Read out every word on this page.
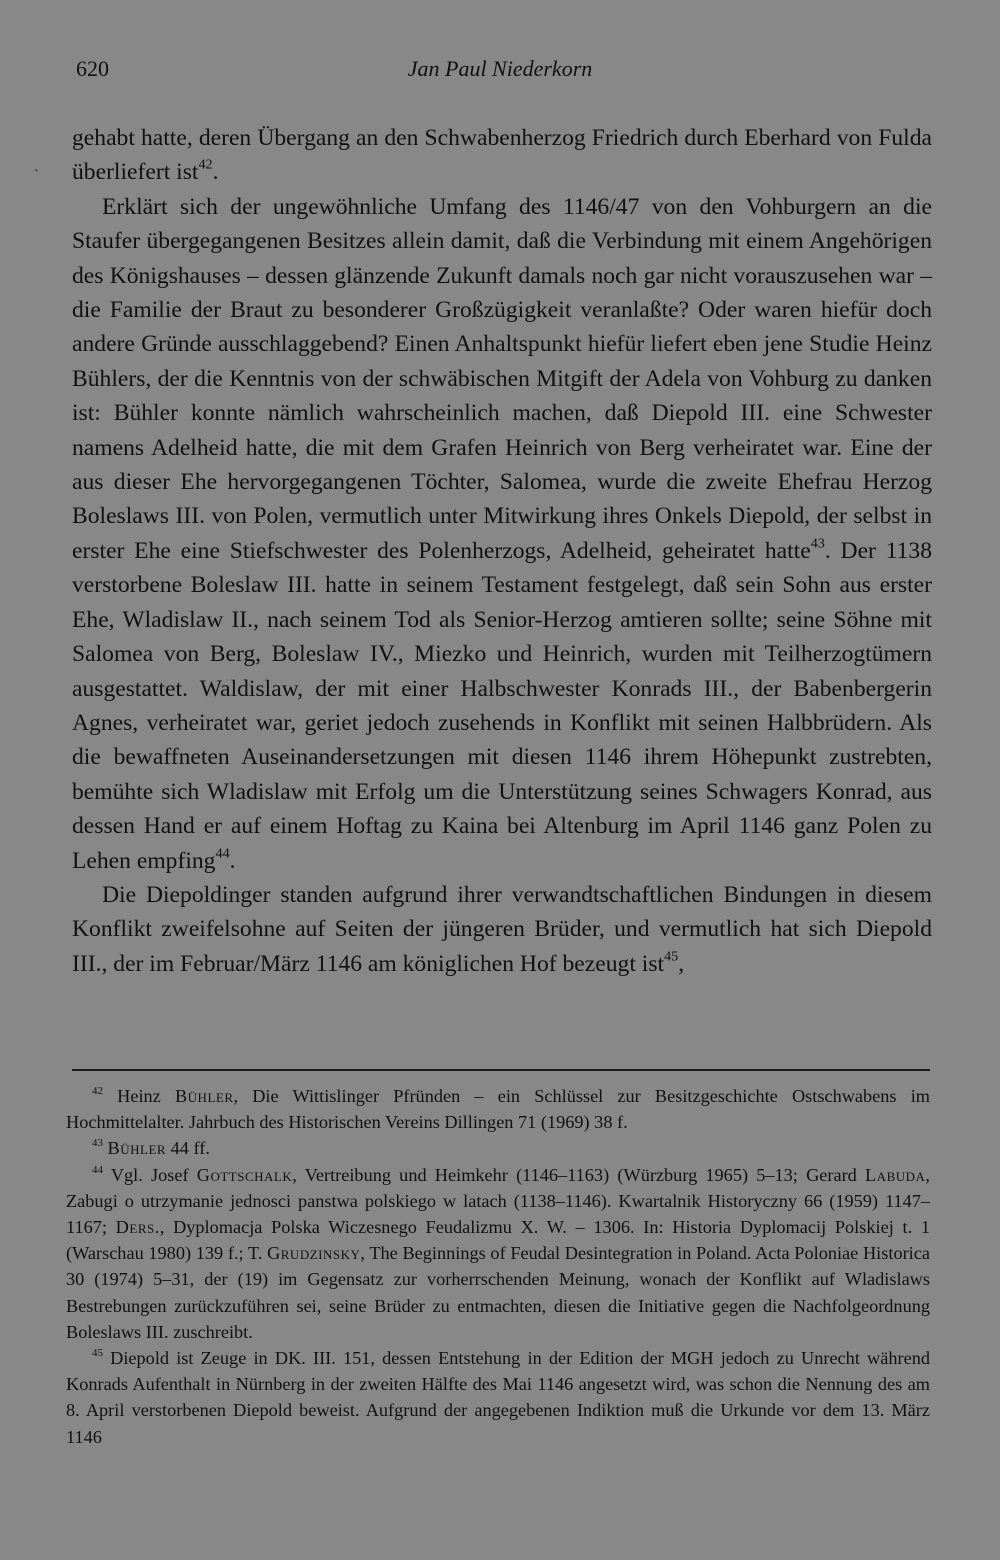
620	Jan Paul Niederkorn
`

gehabt hatte, deren Übergang an den Schwabenherzog Friedrich durch Eberhard von Fulda überliefert ist$^{42}$.

Erklärt sich der ungewöhnliche Umfang des 1146/47 von den Vohburgern an die Staufer übergegangenen Besitzes allein damit, daß die Verbindung mit einem Angehörigen des Königshauses – dessen glänzende Zukunft damals noch gar nicht vorauszusehen war – die Familie der Braut zu besonderer Großzügigkeit veranlaßte? Oder waren hiefür doch andere Gründe ausschlaggebend? Einen Anhaltspunkt hiefür liefert eben jene Studie Heinz Bühlers, der die Kenntnis von der schwäbischen Mitgift der Adela von Vohburg zu danken ist: Bühler konnte nämlich wahrscheinlich machen, daß Diepold III. eine Schwester namens Adelheid hatte, die mit dem Grafen Heinrich von Berg verheiratet war. Eine der aus dieser Ehe hervorgegangenen Töchter, Salomea, wurde die zweite Ehefrau Herzog Boleslaws III. von Polen, vermutlich unter Mitwirkung ihres Onkels Diepold, der selbst in erster Ehe eine Stiefschwester des Polenherzogs, Adelheid, geheiratet hatte$^{43}$. Der 1138 verstorbene Boleslaw III. hatte in seinem Testament festgelegt, daß sein Sohn aus erster Ehe, Wladislaw II., nach seinem Tod als Senior-Herzog amtieren sollte; seine Söhne mit Salomea von Berg, Boleslaw IV., Miezko und Heinrich, wurden mit Teilherzogtümern ausgestattet. Waldislaw, der mit einer Halbschwester Konrads III., der Babenbergerin Agnes, verheiratet war, geriet jedoch zusehends in Konflikt mit seinen Halbbrüdern. Als die bewaffneten Auseinandersetzungen mit diesen 1146 ihrem Höhepunkt zustrebten, bemühte sich Wladislaw mit Erfolg um die Unterstützung seines Schwagers Konrad, aus dessen Hand er auf einem Hoftag zu Kaina bei Altenburg im April 1146 ganz Polen zu Lehen empfing$^{44}$.

Die Diepoldinger standen aufgrund ihrer verwandtschaftlichen Bindungen in diesem Konflikt zweifelsohne auf Seiten der jüngeren Brüder, und vermutlich hat sich Diepold III., der im Februar/März 1146 am königlichen Hof bezeugt ist$^{45}$,

$^{42}$ Heinz Bühler, Die Wittislinger Pfründen – ein Schlüssel zur Besitzgeschichte Ostschwabens im Hochmittelalter. Jahrbuch des Historischen Vereins Dillingen 71 (1969) 38 f.

$^{43}$ Bühler 44 ff.

$^{44}$ Vgl. Josef Gottschalk, Vertreibung und Heimkehr (1146–1163) (Würzburg 1965) 5–13; Gerard Labuda, Zabugi o utrzymanie jednosci panstwa polskiego w latach (1138–1146). Kwartalnik Historyczny 66 (1959) 1147–1167; Ders., Dyplomacja Polska Wiczesnego Feudalizmu X. W. – 1306. In: Historia Dyplomacij Polskiej t. 1 (Warschau 1980) 139 f.; T. Grudzinsky, The Beginnings of Feudal Desintegration in Poland. Acta Poloniae Historica 30 (1974) 5–31, der (19) im Gegensatz zur vorherrschenden Meinung, wonach der Konflikt auf Wladislaws Bestrebungen zurückzuführen sei, seine Brüder zu entmachten, diesen die Initiative gegen die Nachfolgeordnung Boleslaws III. zuschreibt.

$^{45}$ Diepold ist Zeuge in DK. III. 151, dessen Entstehung in der Edition der MGH jedoch zu Unrecht während Konrads Aufenthalt in Nürnberg in der zweiten Hälfte des Mai 1146 angesetzt wird, was schon die Nennung des am 8. April verstorbenen Diepold beweist. Aufgrund der angegebenen Indiktion muß die Urkunde vor dem 13. März 1146
